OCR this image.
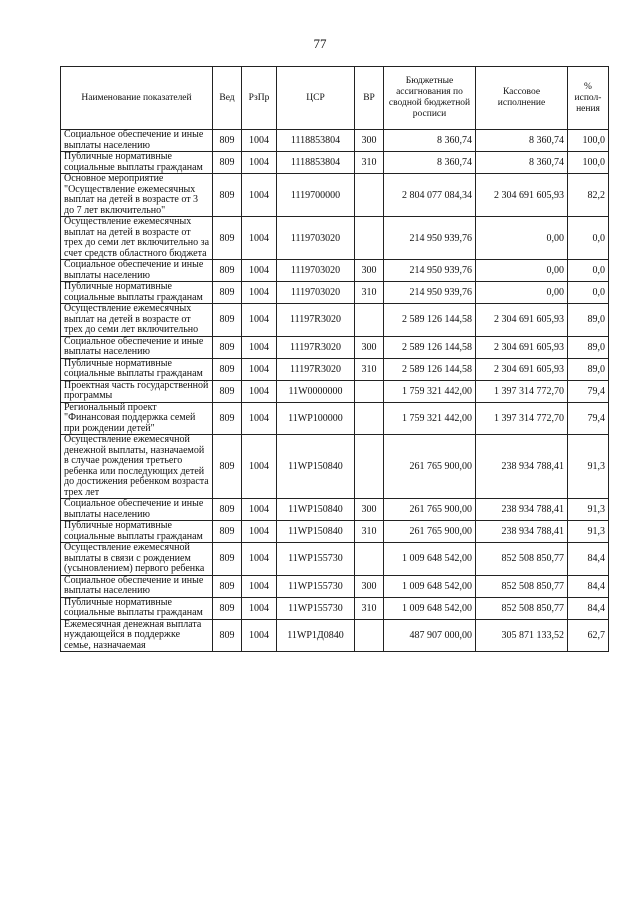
77
Наименование показателей	Вед	РзПр	ЦСР	ВР	Бюджетные ассигнования по сводной бюджетной росписи	Кассовое исполнение	% испол-нения
Социальное обеспечение и иные выплаты населению	809	1004	1118853804	300	8 360,74	8 360,74	100,0
Публичные нормативные социальные выплаты гражданам	809	1004	1118853804	310	8 360,74	8 360,74	100,0
Основное мероприятие "Осуществление ежемесячных выплат на детей в возрасте от 3 до 7 лет включительно"	809	1004	1119700000		2 804 077 084,34	2 304 691 605,93	82,2
Осуществление ежемесячных выплат на детей в возрасте от трех до семи лет включительно за счет средств областного бюджета	809	1004	1119703020		214 950 939,76	0,00	0,0
Социальное обеспечение и иные выплаты населению	809	1004	1119703020	300	214 950 939,76	0,00	0,0
Публичные нормативные социальные выплаты гражданам	809	1004	1119703020	310	214 950 939,76	0,00	0,0
Осуществление ежемесячных выплат на детей в возрасте от трех до семи лет включительно	809	1004	11197R3020		2 589 126 144,58	2 304 691 605,93	89,0
Социальное обеспечение и иные выплаты населению	809	1004	11197R3020	300	2 589 126 144,58	2 304 691 605,93	89,0
Публичные нормативные социальные выплаты гражданам	809	1004	11197R3020	310	2 589 126 144,58	2 304 691 605,93	89,0
Проектная часть государственной программы	809	1004	11W0000000		1 759 321 442,00	1 397 314 772,70	79,4
Региональный проект "Финансовая поддержка семей при рождении детей"	809	1004	11WP100000		1 759 321 442,00	1 397 314 772,70	79,4
Осуществление ежемесячной денежной выплаты, назначаемой в случае рождения третьего ребенка или последующих детей до достижения ребенком возраста трех лет	809	1004	11WP150840		261 765 900,00	238 934 788,41	91,3
Социальное обеспечение и иные выплаты населению	809	1004	11WP150840	300	261 765 900,00	238 934 788,41	91,3
Публичные нормативные социальные выплаты гражданам	809	1004	11WP150840	310	261 765 900,00	238 934 788,41	91,3
Осуществление ежемесячной выплаты в связи с рождением (усыновлением) первого ребенка	809	1004	11WP155730		1 009 648 542,00	852 508 850,77	84,4
Социальное обеспечение и иные выплаты населению	809	1004	11WP155730	300	1 009 648 542,00	852 508 850,77	84,4
Публичные нормативные социальные выплаты гражданам	809	1004	11WP155730	310	1 009 648 542,00	852 508 850,77	84,4
Ежемесячная денежная выплата нуждающейся в поддержке семье, назначаемая	809	1004	11WP1Д0840		487 907 000,00	305 871 133,52	62,7
